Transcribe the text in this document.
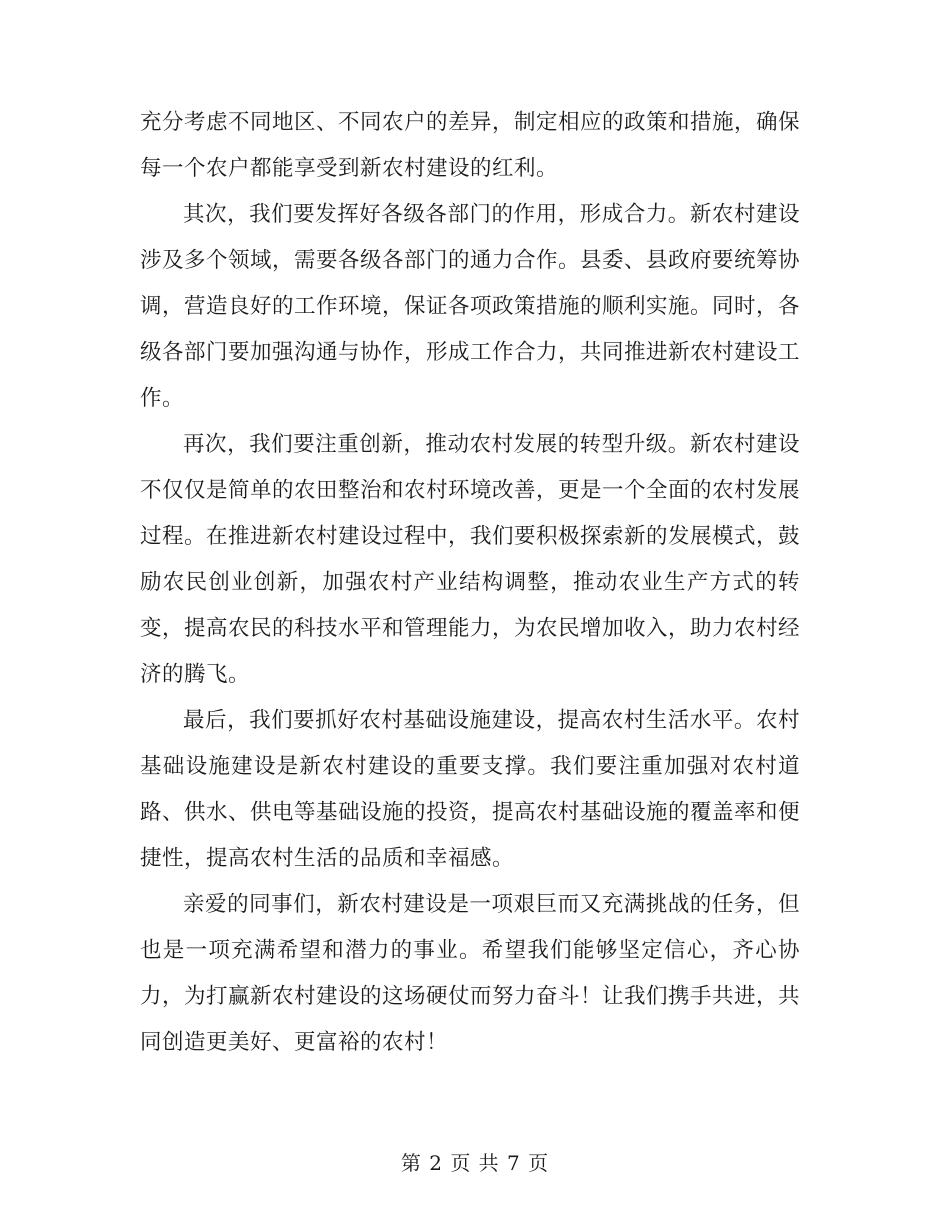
充分考虑不同地区、不同农户的差异，制定相应的政策和措施，确保每一个农户都能享受到新农村建设的红利。

其次，我们要发挥好各级各部门的作用，形成合力。新农村建设涉及多个领域，需要各级各部门的通力合作。县委、县政府要统筹协调，营造良好的工作环境，保证各项政策措施的顺利实施。同时，各级各部门要加强沟通与协作，形成工作合力，共同推进新农村建设工作。

再次，我们要注重创新，推动农村发展的转型升级。新农村建设不仅仅是简单的农田整治和农村环境改善，更是一个全面的农村发展过程。在推进新农村建设过程中，我们要积极探索新的发展模式，鼓励农民创业创新，加强农村产业结构调整，推动农业生产方式的转变，提高农民的科技水平和管理能力，为农民增加收入，助力农村经济的腾飞。

最后，我们要抓好农村基础设施建设，提高农村生活水平。农村基础设施建设是新农村建设的重要支撑。我们要注重加强对农村道路、供水、供电等基础设施的投资，提高农村基础设施的覆盖率和便捷性，提高农村生活的品质和幸福感。

亲爱的同事们，新农村建设是一项艰巨而又充满挑战的任务，但也是一项充满希望和潜力的事业。希望我们能够坚定信心，齐心协力，为打赢新农村建设的这场硬仗而努力奋斗！让我们携手共进，共同创造更美好、更富裕的农村！

第 2 页 共 7 页
